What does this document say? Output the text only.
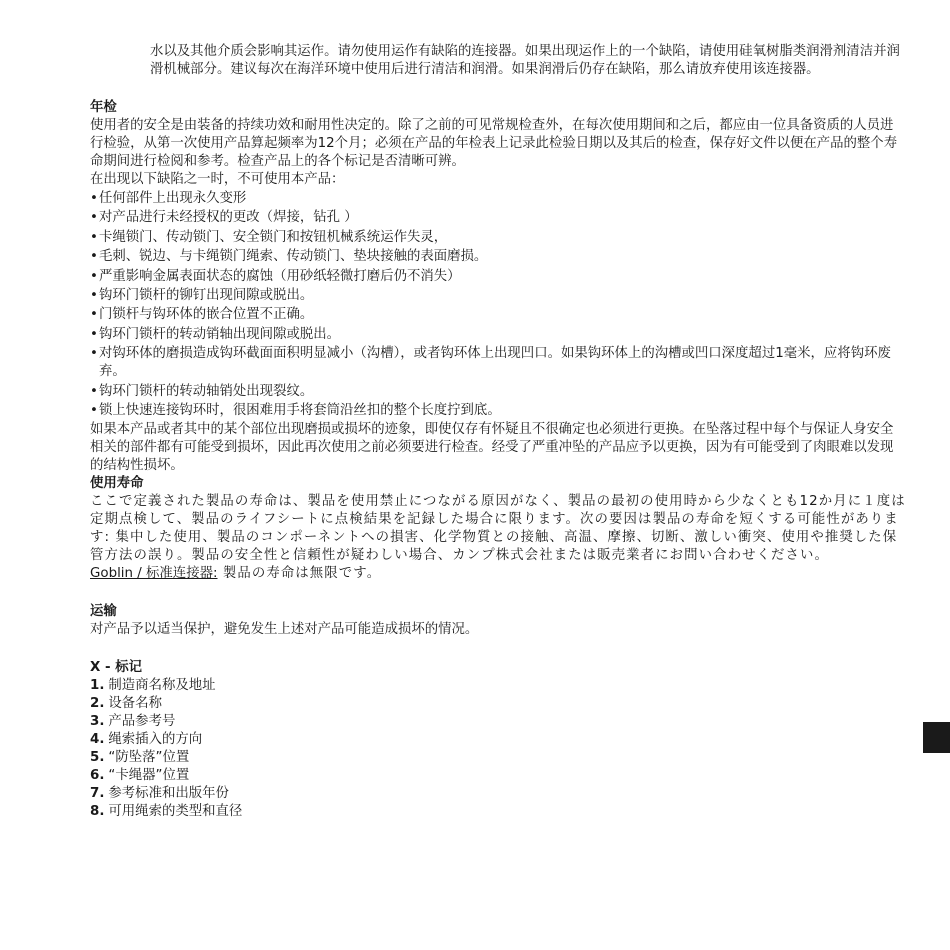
水以及其他介质会影响其运作。请勿使用运作有缺陷的连接器。如果出现运作上的一个缺陷，请使用硅氧树脂类润滑剂清洁并润滑机械部分。建议每次在海洋环境中使用后进行清洁和润滑。如果润滑后仍存在缺陷，那么请放弃使用该连接器。

年检

使用者的安全是由装备的持续功效和耐用性决定的。除了之前的可见常规检查外，在每次使用期间和之后，都应由一位具备资质的人员进行检验，从第一次使用产品算起频率为12个月；必须在产品的年检表上记录此检验日期以及其后的检查，保存好文件以便在产品的整个寿命期间进行检阅和参考。检查产品上的各个标记是否清晰可辨。

在出现以下缺陷之一时，不可使用本产品：

• 任何部件上出现永久变形
• 对产品进行未经授权的更改（焊接，钻孔 ）
• 卡绳锁门、传动锁门、安全锁门和按钮机械系统运作失灵，
• 毛刺、锐边、与卡绳锁门绳索、传动锁门、垫块接触的表面磨损。
• 严重影响金属表面状态的腐蚀（用砂纸轻微打磨后仍不消失）
• 钩环门锁杆的铆钉出现间隙或脱出。
• 门锁杆与钩环体的嵌合位置不正确。
• 钩环门锁杆的转动销轴出现间隙或脱出。
• 对钩环体的磨损造成钩环截面面积明显减小（沟槽），或者钩环体上出现凹口。如果钩环体上的沟槽或凹口深度超过1毫米，应将钩环废弃。
• 钩环门锁杆的转动轴销处出现裂纹。
• 锁上快速连接钩环时，很困难用手将套筒沿丝扣的整个长度拧到底。

如果本产品或者其中的某个部位出现磨损或损坏的迹象，即使仅存有怀疑且不很确定也必须进行更换。在坠落过程中每个与保证人身安全相关的部件都有可能受到损坏，因此再次使用之前必须要进行检查。经受了严重冲坠的产品应予以更换，因为有可能受到了肉眼难以发现的结构性损坏。

使用寿命

ここで定義された製品の寿命は、製品を使用禁止につながる原因がなく、製品の最初の使用時から少なくとも12か月に１度は定期点検して、製品のライフシートに点検結果を記録した場合に限ります。次の要因は製品の寿命を短くする可能性があります: 集中した使用、製品のコンポーネントへの損害、化学物質との接触、高温、摩擦、切断、激しい衝突、使用や推奨した保管方法の誤り。製品の安全性と信頼性が疑わしい場合、カンプ株式会社または販売業者にお問い合わせください。

Goblin / 标准连接器: 製品の寿命は無限です。

运输

对产品予以适当保护，避免发生上述对产品可能造成损坏的情况。

X - 标记

1. 制造商名称及地址
2. 设备名称
3. 产品参考号
4. 绳索插入的方向
5. “防坠落”位置
6. “卡绳器”位置
7. 参考标准和出版年份
8. 可用绳索的类型和直径
